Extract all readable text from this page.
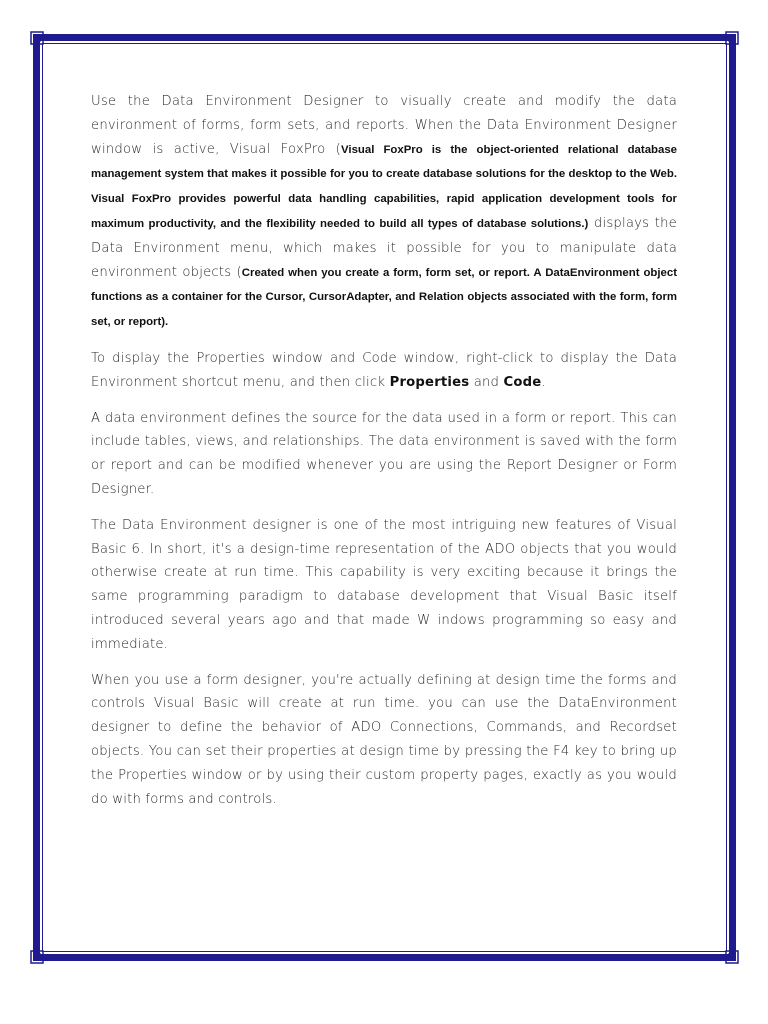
Use the Data Environment Designer to visually create and modify the data environment of forms, form sets, and reports. When the Data Environment Designer window is active, Visual FoxPro (Visual FoxPro is the object-oriented relational database management system that makes it possible for you to create database solutions for the desktop to the Web. Visual FoxPro provides powerful data handling capabilities, rapid application development tools for maximum productivity, and the flexibility needed to build all types of database solutions.) displays the Data Environment menu, which makes it possible for you to manipulate data environment objects (Created when you create a form, form set, or report. A DataEnvironment object functions as a container for the Cursor, CursorAdapter, and Relation objects associated with the form, form set, or report).

To display the Properties window and Code window, right-click to display the Data Environment shortcut menu, and then click Properties and Code.

A data environment defines the source for the data used in a form or report. This can include tables, views, and relationships. The data environment is saved with the form or report and can be modified whenever you are using the Report Designer or Form Designer.

The Data Environment designer is one of the most intriguing new features of Visual Basic 6. In short, it's a design-time representation of the ADO objects that you would otherwise create at run time. This capability is very exciting because it brings the same programming paradigm to database development that Visual Basic itself introduced several years ago and that made W indows programming so easy and immediate.

When you use a form designer, you're actually defining at design time the forms and controls Visual Basic will create at run time. you can use the DataEnvironment designer to define the behavior of ADO Connections, Commands, and Recordset objects. You can set their properties at design time by pressing the F4 key to bring up the Properties window or by using their custom property pages, exactly as you would do with forms and controls.
